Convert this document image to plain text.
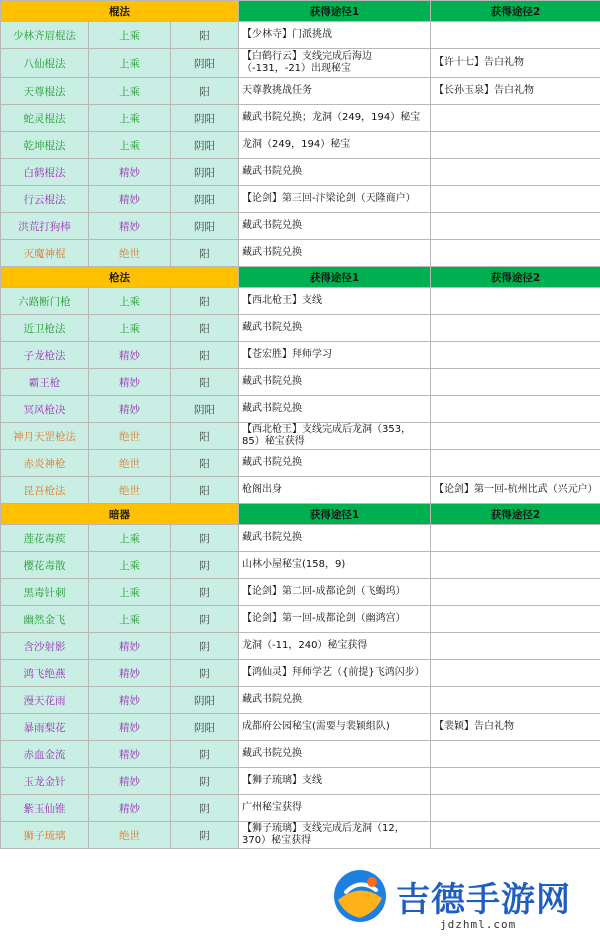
棍法			获得途径1	获得途径2
少林齐眉棍法	上乘	阳	【少林寺】门派挑战	
八仙棍法	上乘	阴阳	【白鹤行云】支线完成后海边（-131，-21）出现秘宝	【许十七】告白礼物
天尊棍法	上乘	阳	天尊教挑战任务	【长孙玉泉】告白礼物
蛇灵棍法	上乘	阴阳	藏武书院兑换；龙洞（249，194）秘宝	
乾坤棍法	上乘	阴阳	龙洞（249，194）秘宝	
白鹤棍法	精妙	阴阳	藏武书院兑换	
行云棍法	精妙	阴阳	【论剑】第三回-汴梁论剑（天隆商户）	
洪荒打狗棒	精妙	阴阳	藏武书院兑换	
灭魔神棍	绝世	阳	藏武书院兑换	
枪法			获得途径1	获得途径2
六路断门枪	上乘	阳	【西北枪王】支线	
近卫枪法	上乘	阳	藏武书院兑换	
子龙枪法	精妙	阳	【苍宏胜】拜师学习	
霸王枪	精妙	阳	藏武书院兑换	
冥风枪决	精妙	阴阳	藏武书院兑换	
神月天罡枪法	绝世	阳	【西北枪王】支线完成后龙洞（353，85）秘宝获得	
赤炎神枪	绝世	阳	藏武书院兑换	
昆吾枪法	绝世	阳	枪阁出身	【论剑】第一回-杭州比武（兴元户）
暗器			获得途径1	获得途径2
莲花毒蒺	上乘	阴	藏武书院兑换	
樱花毒散	上乘	阴	山林小屋秘宝(158，9)	
黑毒针刺	上乘	阴	【论剑】第二回-成都论剑（飞蝎坞）	
幽然金飞	上乘	阴	【论剑】第一回-成都论剑（幽鸿宫）	
含沙射影	精妙	阴	龙洞（-11，240）秘宝获得	
鸿飞绝燕	精妙	阴	【鸿仙灵】拜师学艺（{前提}飞鸿闪步）	
漫天花雨	精妙	阴阳	藏武书院兑换	
暴雨梨花	精妙	阴阳	成都府公园秘宝(需要与裴颖组队)	【裴颖】告白礼物
赤血金流	精妙	阴	藏武书院兑换	
玉龙金针	精妙	阴	【狮子琉璃】支线	
紫玉仙锥	精妙	阴	广州秘宝获得	
狮子琉璃	绝世	阴	【狮子琉璃】支线完成后龙洞（12，370）秘宝获得	
吉德手游网
jdzhml.com
